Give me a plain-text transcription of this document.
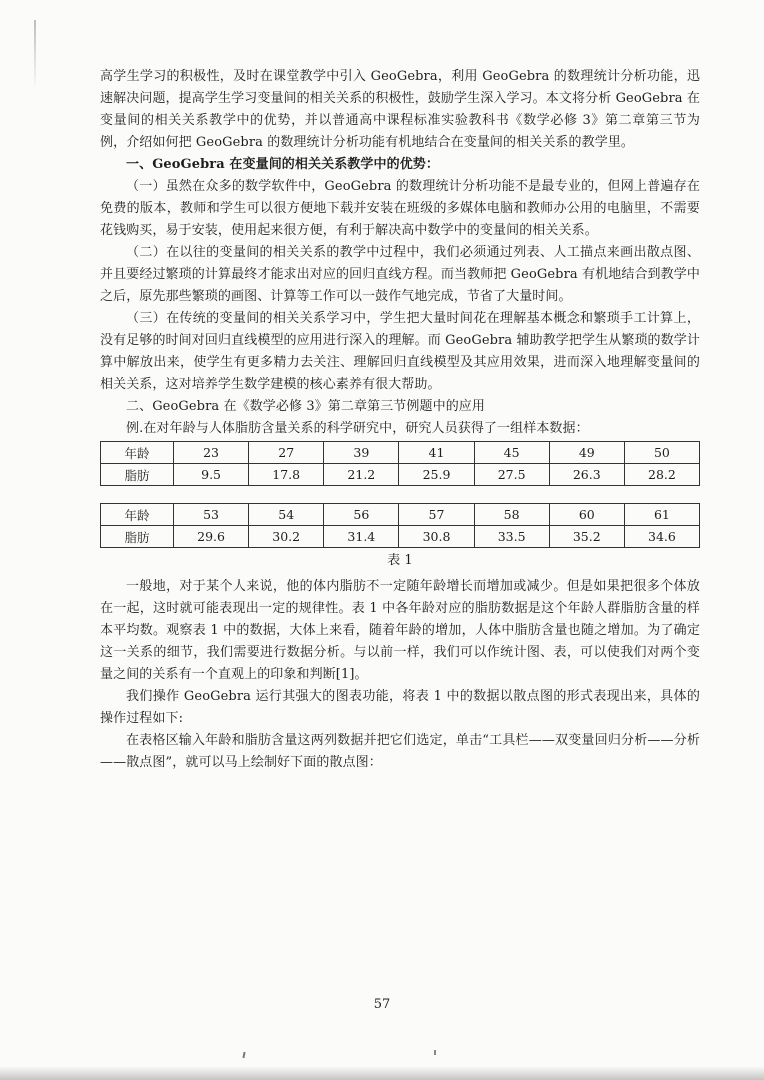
高学生学习的积极性，及时在课堂教学中引入 GeoGebra，利用 GeoGebra 的数理统计分析功能，迅速解决问题，提高学生学习变量间的相关关系的积极性，鼓励学生深入学习。本文将分析 GeoGebra 在变量间的相关关系教学中的优势，并以普通高中课程标准实验教科书《数学必修 3》第二章第三节为例，介绍如何把 GeoGebra 的数理统计分析功能有机地结合在变量间的相关关系的教学里。

一、GeoGebra 在变量间的相关关系教学中的优势：

（一）虽然在众多的数学软件中，GeoGebra 的数理统计分析功能不是最专业的，但网上普遍存在免费的版本，教师和学生可以很方便地下载并安装在班级的多媒体电脑和教师办公用的电脑里，不需要花钱购买，易于安装，使用起来很方便，有利于解决高中数学中的变量间的相关关系。

（二）在以往的变量间的相关关系的教学中过程中，我们必须通过列表、人工描点来画出散点图、并且要经过繁琐的计算最终才能求出对应的回归直线方程。而当教师把 GeoGebra 有机地结合到教学中之后，原先那些繁琐的画图、计算等工作可以一鼓作气地完成，节省了大量时间。

（三）在传统的变量间的相关关系学习中，学生把大量时间花在理解基本概念和繁琐手工计算上，没有足够的时间对回归直线模型的应用进行深入的理解。而 GeoGebra 辅助教学把学生从繁琐的数学计算中解放出来，使学生有更多精力去关注、理解回归直线模型及其应用效果，进而深入地理解变量间的相关关系，这对培养学生数学建模的核心素养有很大帮助。

二、GeoGebra 在《数学必修 3》第二章第三节例题中的应用

例.在对年龄与人体脂肪含量关系的科学研究中，研究人员获得了一组样本数据：

年龄	23	27	39	41	45	49	50
脂肪	9.5	17.8	21.2	25.9	27.5	26.3	28.2
年龄	53	54	56	57	58	60	61
脂肪	29.6	30.2	31.4	30.8	33.5	35.2	34.6
表 1

一般地，对于某个人来说，他的体内脂肪不一定随年龄增长而增加或减少。但是如果把很多个体放在一起，这时就可能表现出一定的规律性。表 1 中各年龄对应的脂肪数据是这个年龄人群脂肪含量的样本平均数。观察表 1 中的数据，大体上来看，随着年龄的增加，人体中脂肪含量也随之增加。为了确定这一关系的细节，我们需要进行数据分析。与以前一样，我们可以作统计图、表，可以使我们对两个变量之间的关系有一个直观上的印象和判断[1]。

我们操作 GeoGebra 运行其强大的图表功能，将表 1 中的数据以散点图的形式表现出来，具体的操作过程如下:

在表格区输入年龄和脂肪含量这两列数据并把它们选定，单击“工具栏——双变量回归分析——分析——散点图”，就可以马上绘制好下面的散点图：

57
